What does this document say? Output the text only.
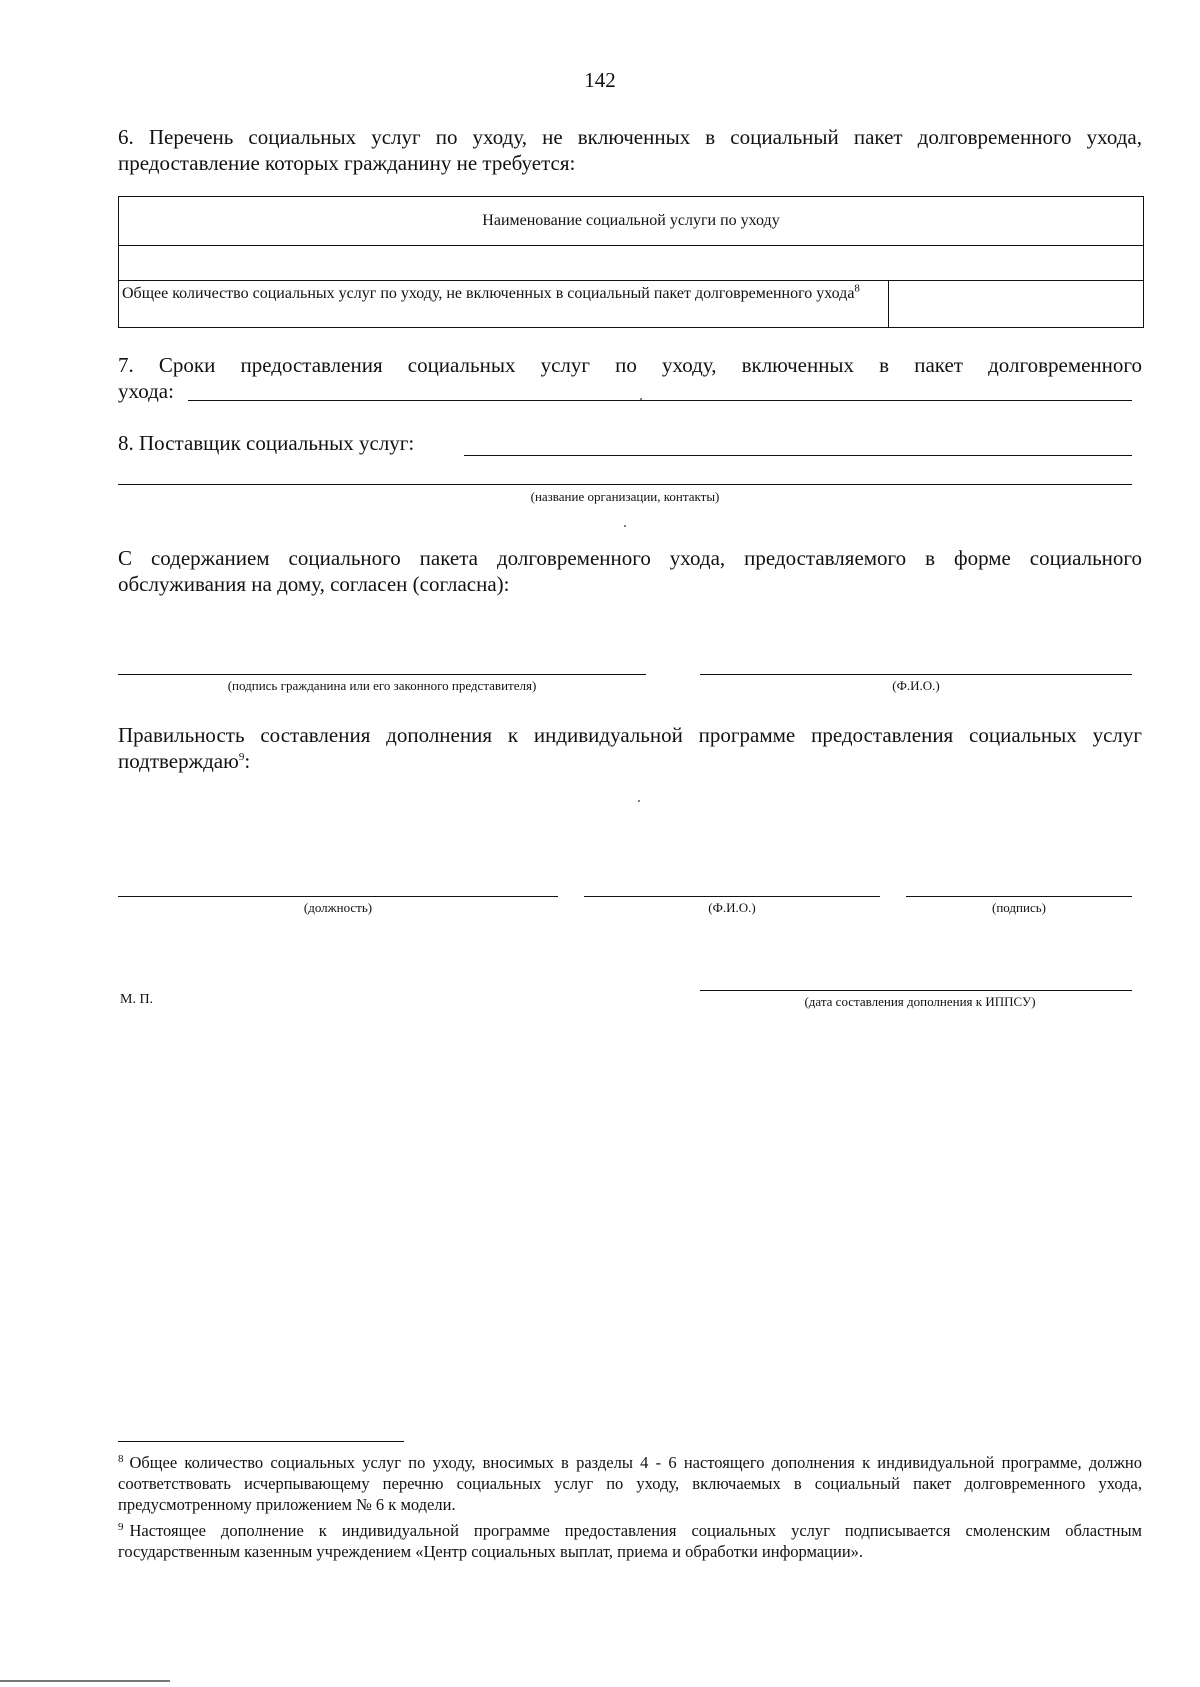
142
6. Перечень социальных услуг по уходу, не включенных в социальный пакет долговременного ухода, предоставление которых гражданину не требуется:
Наименование социальной услуги по уходу
Общее количество социальных услуг по уходу, не включенных в социальный пакет долговременного ухода$^8$
7. Сроки предоставления социальных услуг по уходу, включенных в пакет долговременного
ухода:
8. Поставщик социальных услуг:
(название организации, контакты)
С содержанием социального пакета долговременного ухода, предоставляемого в форме социального обслуживания на дому, согласен (согласна):
(подпись гражданина или его законного представителя)	(Ф.И.О.)
Правильность составления дополнения к индивидуальной программе предоставления социальных услуг подтверждаю$^9$:
(должность)	(Ф.И.О.)	(подпись)
М. П.	(дата составления дополнения к ИППСУ)
$^8$ Общее количество социальных услуг по уходу, вносимых в разделы 4 - 6 настоящего дополнения к индивидуальной программе, должно соответствовать исчерпывающему перечню социальных услуг по уходу, включаемых в социальный пакет долговременного ухода, предусмотренному приложением № 6 к модели.
$^9$ Настоящее дополнение к индивидуальной программе предоставления социальных услуг подписывается смоленским областным государственным казенным учреждением «Центр социальных выплат, приема и обработки информации».
